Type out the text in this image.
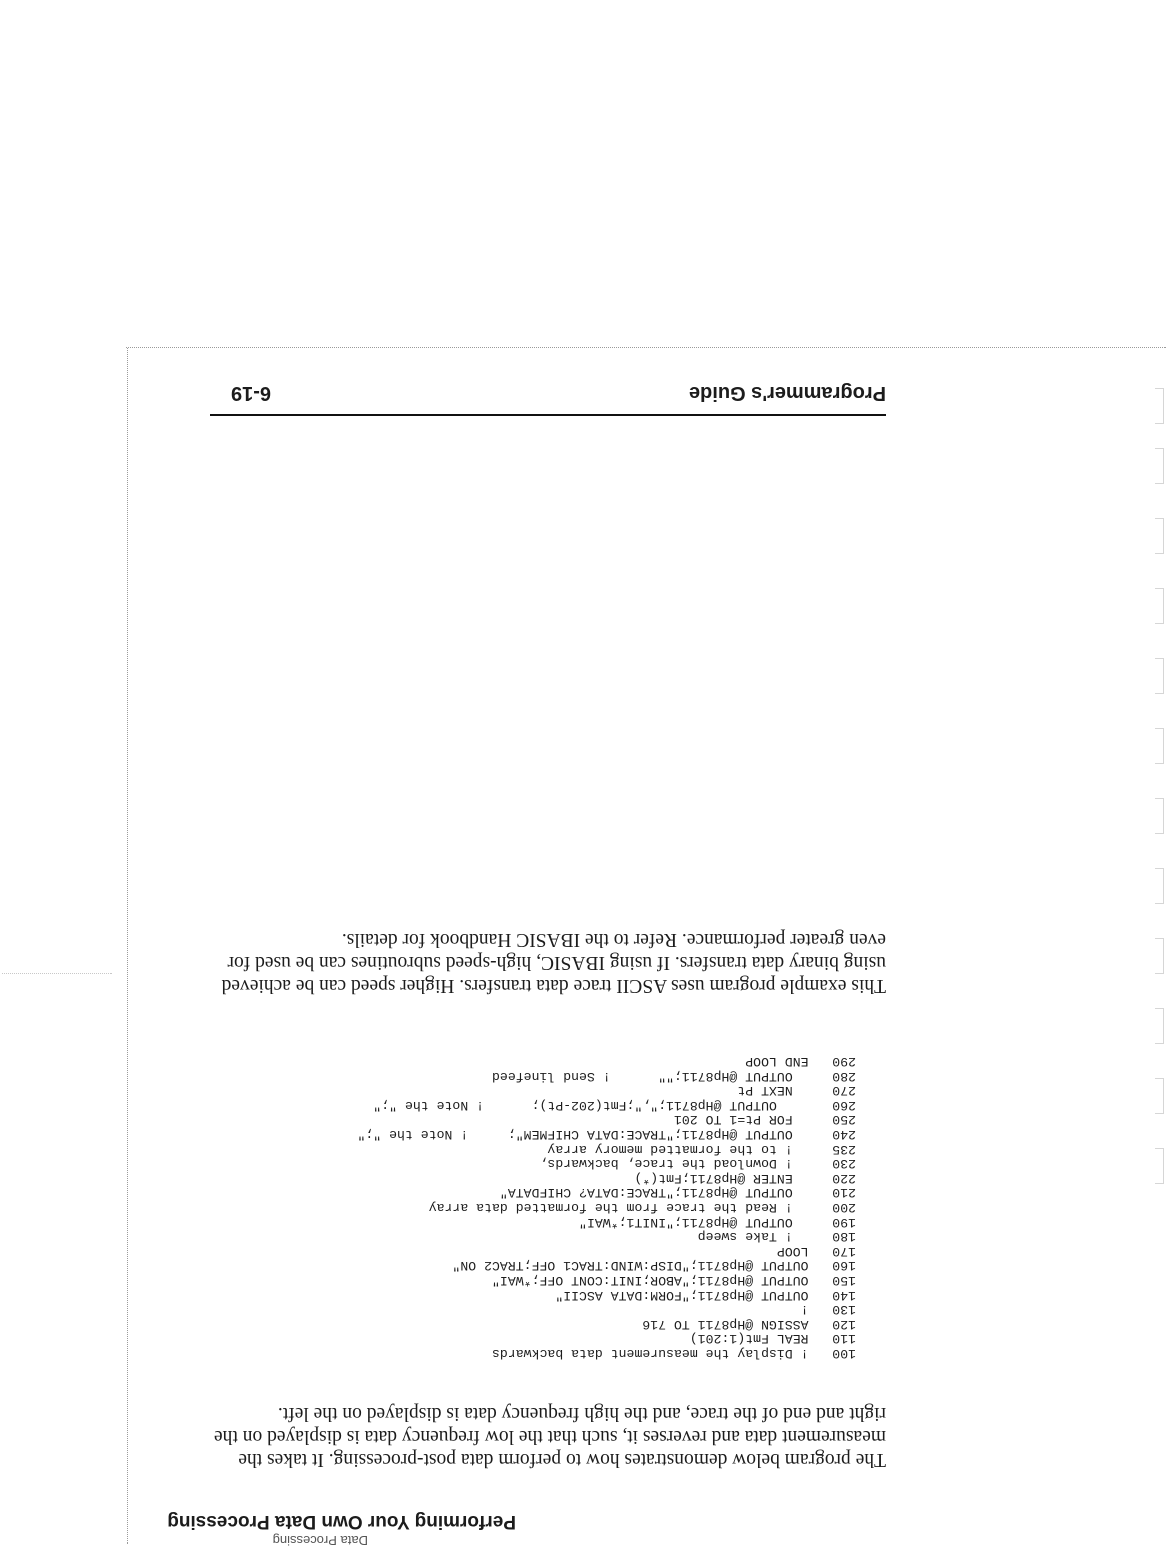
Data Processing
Performing Your Own Data Processing
The program below demonstrates how to perform data post-processing. It takes the measurement data and reverses it, such that the low frequency data is displayed on the right and end of the trace, and the high frequency data is displayed on the left.
100   ! Display the measurement data backwards
110   REAL Fmt(1:201)
120   ASSIGN @Hp8711 TO 716
130   !
140   OUTPUT @Hp8711;"FORM:DATA ASCII"
150   OUTPUT @Hp8711;"ABOR;INIT:CONT OFF;*WAI"
160   OUTPUT @Hp8711;"DISP:WIND:TRAC1 OFF;TRAC2 ON"
170   LOOP
180     ! Take sweep
190     OUTPUT @Hp8711;"INIT1;*WAI"
200     ! Read the trace from the formatted data array
210     OUTPUT @Hp8711;"TRACE:DATA? CHIFDATA"
220     ENTER @Hp8711;Fmt(*)
230     ! Download the trace, backwards,
235     ! to the formatted memory array
240     OUTPUT @Hp8711;"TRACE:DATA CHIFMEM";     ! Note the ";"
250     FOR Pt=1 TO 201
260       OUTPUT @Hp8711;",";Fmt(202-Pt);      ! Note the ";"
270     NEXT Pt
280     OUTPUT @Hp8711;""      ! Send linefeed
290   END LOOP
This example program uses ASCII trace data transfers. Higher speed can be achieved using binary data transfers. If using IBASIC, high-speed subroutines can be used for even greater performance. Refer to the IBASIC Handbook for details.
Programmer's Guide
6-19
